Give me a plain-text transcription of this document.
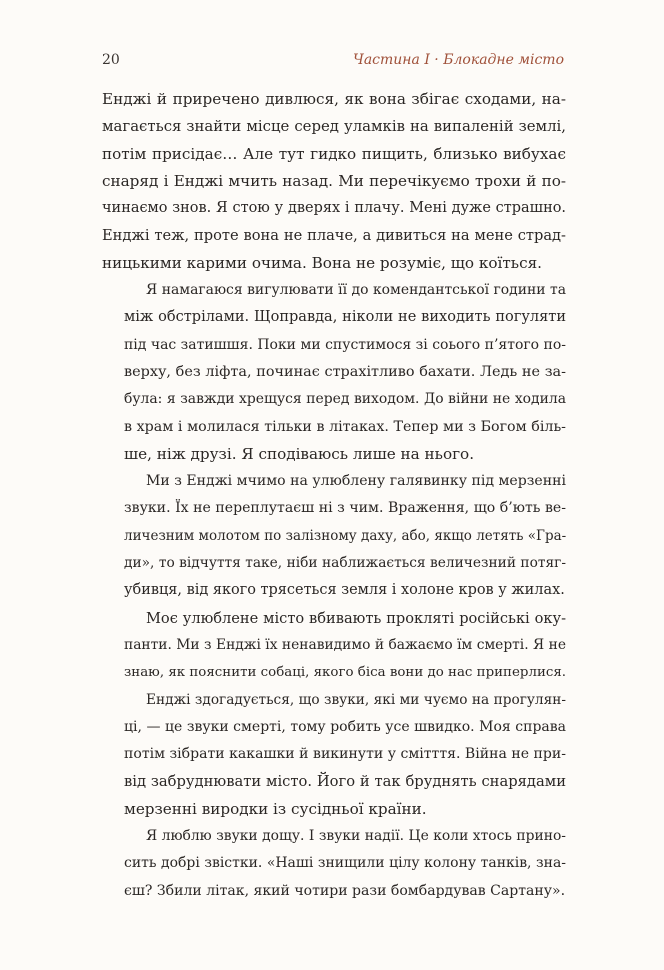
20	Частина І · Блокадне місто
Енджі й приречено дивлюся, як вона збігає сходами, на-
магається знайти місце серед уламків на випаленій землі,
потім присідає… Але тут гидко пищить, близько вибухає
снаряд і Енджі мчить назад. Ми перечікуємо трохи й по-
чинаємо знов. Я стою у дверях і плачу. Мені дуже страшно.
Енджі теж, проте вона не плаче, а дивиться на мене страд-
ницькими карими очима. Вона не розуміє, що коїться.
Я намагаюся вигулювати її до комендантської години та
між обстрілами. Щоправда, ніколи не виходить погуляти
під час затишшя. Поки ми спустимося зі соього п’ятого по-
верху, без ліфта, починає страхітливо бахати. Ледь не за-
була: я завжди хрещуся перед виходом. До війни не ходила
в храм і молилася тільки в літаках. Тепер ми з Богом біль-
ше, ніж друзі. Я сподіваюсь лише на нього.
Ми з Енджі мчимо на улюблену галявинку під мерзенні
звуки. Їх не переплутаєш ні з чим. Враження, що б’ють ве-
личезним молотом по залізному даху, або, якщо летять «Гра-
ди», то відчуття таке, ніби наближається величезний потяг-
убивця, від якого трясеться земля і холоне кров у жилах.
Моє улюблене місто вбивають прокляті російські оку-
панти. Ми з Енджі їх ненавидимо й бажаємо їм смерті. Я не
знаю, як пояснити собаці, якого біса вони до нас приперлися.
Енджі здогадується, що звуки, які ми чуємо на прогулян-
ці, — це звуки смерті, тому робить усе швидко. Моя справа
потім зібрати какашки й викинути у смітття. Війна не при-
від забруднювати місто. Його й так бруднять снарядами
мерзенні виродки із сусідньої країни.
Я люблю звуки дощу. І звуки надії. Це коли хтось прино-
сить добрі звістки. «Наші знищили цілу колону танків, зна-
єш? Збили літак, який чотири рази бомбардував Сартану».
